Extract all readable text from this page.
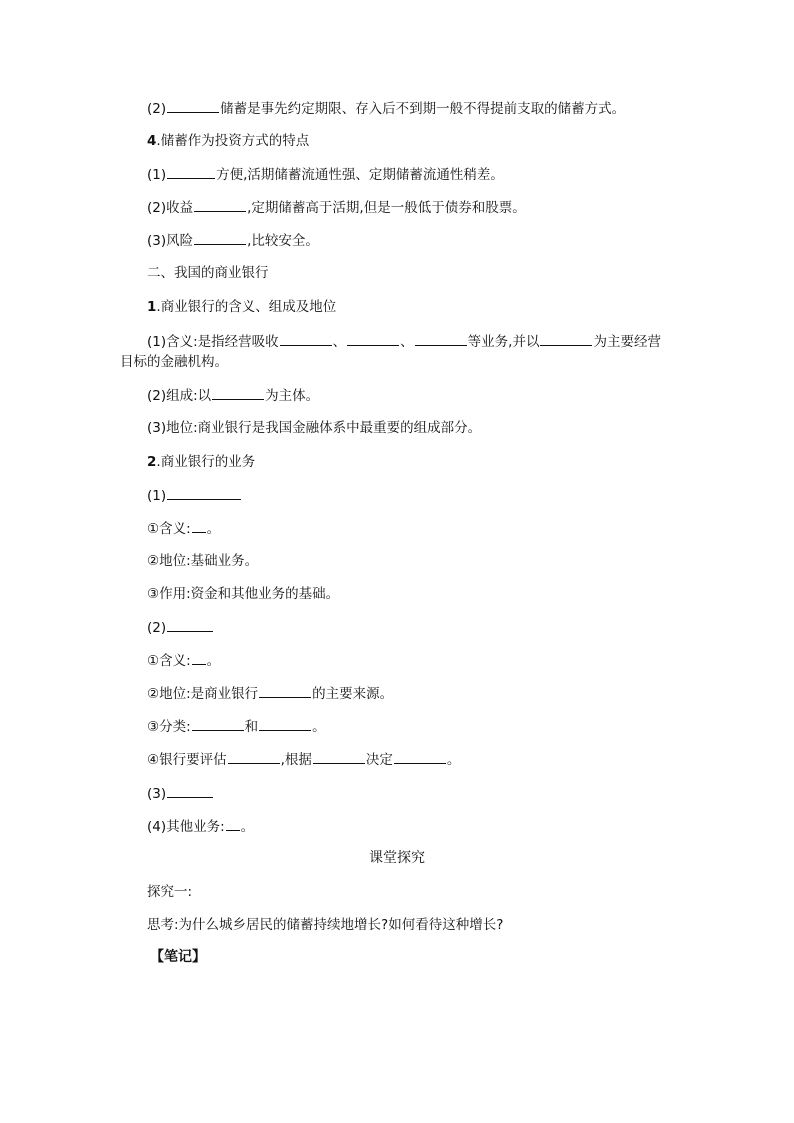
(2)	储蓄是事先约定期限、存入后不到期一般不得提前支取的储蓄方式。
4.储蓄作为投资方式的特点
(1)	方便,活期储蓄流通性强、定期储蓄流通性稍差。
(2)收益	,定期储蓄高于活期,但是一般低于债券和股票。
(3)风险	,比较安全。
二、我国的商业银行
1.商业银行的含义、组成及地位
(1)含义:是指经营吸收	、	、	等业务,并以	为主要经营
目标的金融机构。
(2)组成:以	为主体。
(3)地位:商业银行是我国金融体系中最重要的组成部分。
2.商业银行的业务
(1)
①含义: 。
②地位:基础业务。
③作用:资金和其他业务的基础。
(2)
①含义: 。
②地位:是商业银行	的主要来源。
③分类:	和	。
④银行要评估	,根据	决定	。
(3)
(4)其他业务: 。
课堂探究
探究一:
思考:为什么城乡居民的储蓄持续地增长?如何看待这种增长?
【笔记】
